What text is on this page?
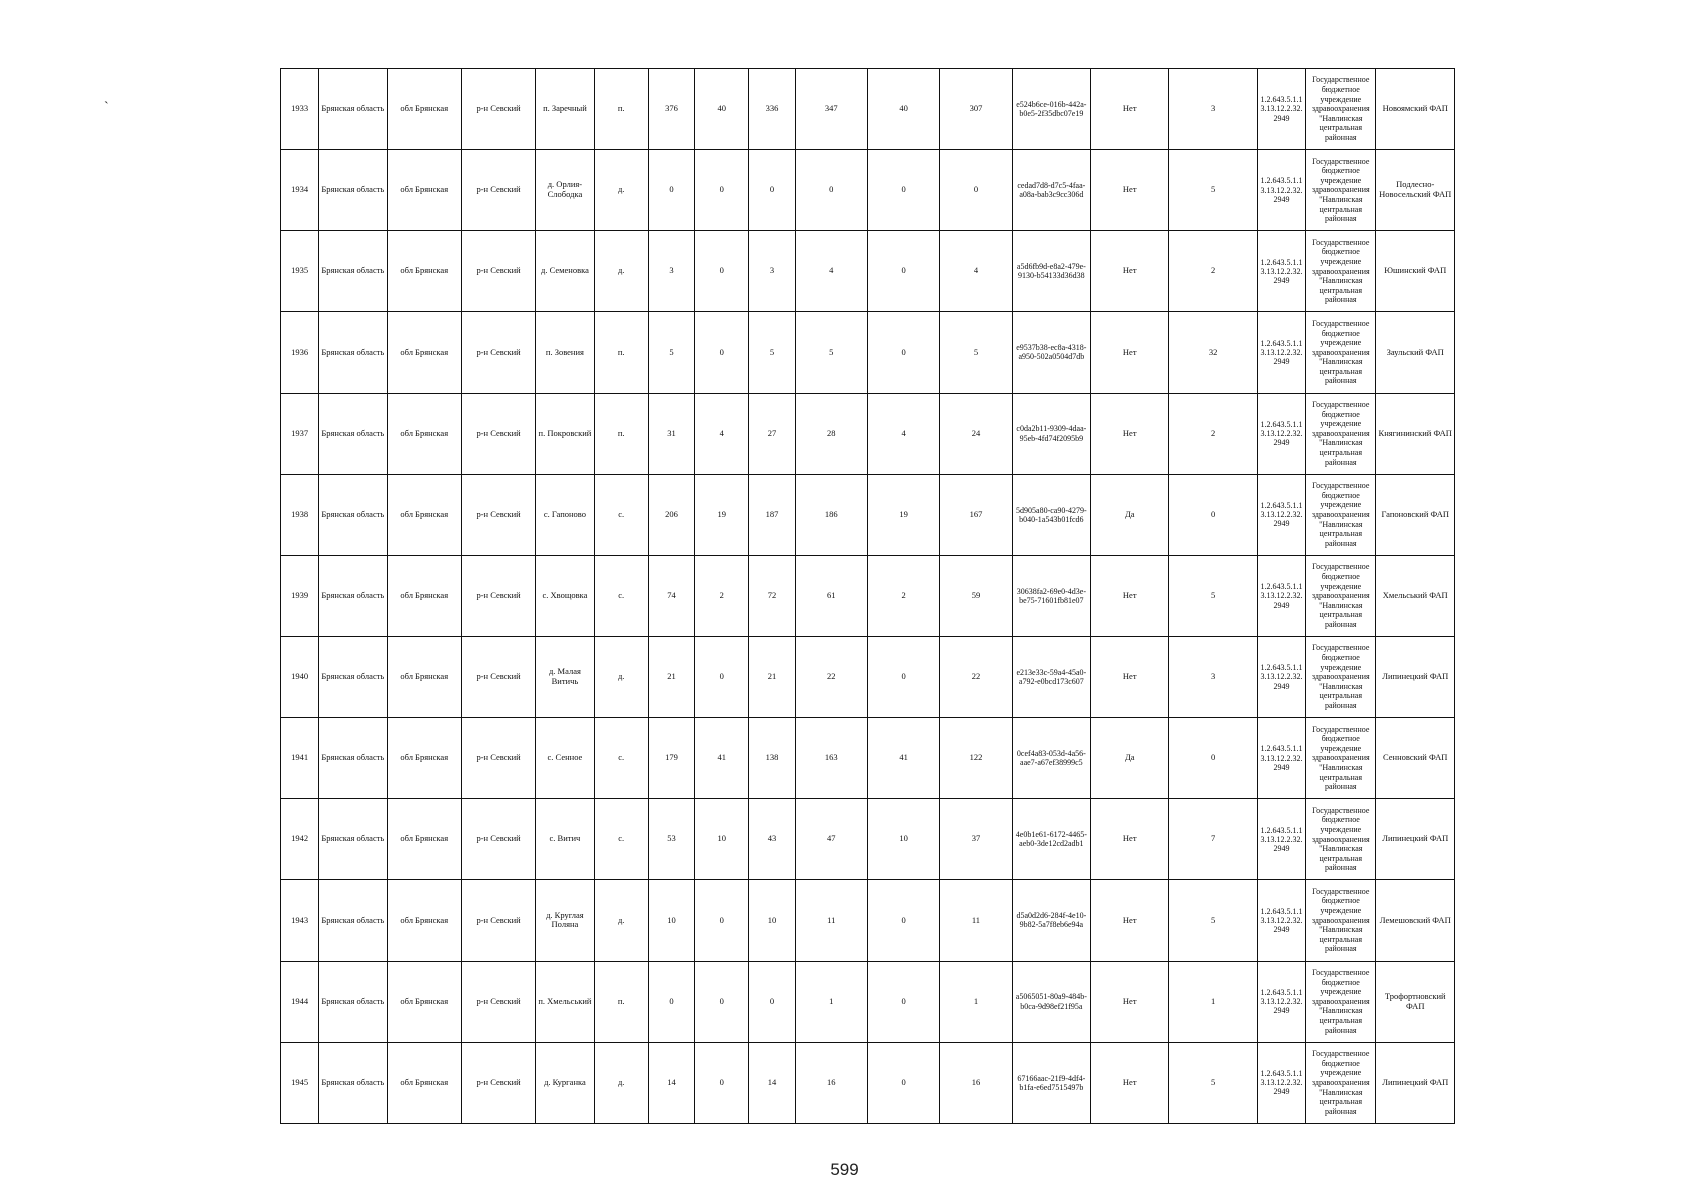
`	1933	Брянская область	обл Брянская	р-н Севский	п. Заречный	п.	376	40	336	347	40	307	e524b6ce-016b-442a-b0e5-2f35dbc07e19	Нет	3	1.2.643.5.1.13.13.12.2.32.2949	Государственное бюджетное учреждение здравоохранения "Навлинская центральная районная	Новоямский ФАП
1934	Брянская область	обл Брянская	р-н Севский	д. Орлия-Слободка	д.	0	0	0	0	0	0	cedad7d8-d7c5-4faa-a08a-bab3c9cc306d	Нет	5	1.2.643.5.1.13.13.12.2.32.2949	Государственное бюджетное учреждение здравоохранения "Навлинская центральная районная	Подлесно-Новосельский ФАП
1935	Брянская область	обл Брянская	р-н Севский	д. Семеновка	д.	3	0	3	4	0	4	a5d6fb9d-e8a2-479e-9130-b54133d36d38	Нет	2	1.2.643.5.1.13.13.12.2.32.2949	Государственное бюджетное учреждение здравоохранения "Навлинская центральная районная	Юшинский ФАП
1936	Брянская область	обл Брянская	р-н Севский	п. Зовения	п.	5	0	5	5	0	5	e9537b38-ec8a-4318-a950-502a0504d7db	Нет	32	1.2.643.5.1.13.13.12.2.32.2949	Государственное бюджетное учреждение здравоохранения "Навлинская центральная районная	Заульский ФАП
1937	Брянская область	обл Брянская	р-н Севский	п. Покровский	п.	31	4	27	28	4	24	c0da2b11-9309-4daa-95eb-4fd74f2095b9	Нет	2	1.2.643.5.1.13.13.12.2.32.2949	Государственное бюджетное учреждение здравоохранения "Навлинская центральная районная	Княгининский ФАП
1938	Брянская область	обл Брянская	р-н Севский	с. Гапоново	с.	206	19	187	186	19	167	5d905a80-ca90-4279-b040-1a543b01fcd6	Да	0	1.2.643.5.1.13.13.12.2.32.2949	Государственное бюджетное учреждение здравоохранения "Навлинская центральная районная	Гапоновский ФАП
1939	Брянская область	обл Брянская	р-н Севский	с. Хвощовка	с.	74	2	72	61	2	59	30638fa2-69e0-4d3e-be75-71601fb81e07	Нет	5	1.2.643.5.1.13.13.12.2.32.2949	Государственное бюджетное учреждение здравоохранения "Навлинская центральная районная	Хмельський ФАП
1940	Брянская область	обл Брянская	р-н Севский	д. Малая Витичь	д.	21	0	21	22	0	22	e213e33c-59a4-45a0-a792-e0bcd173c607	Нет	3	1.2.643.5.1.13.13.12.2.32.2949	Государственное бюджетное учреждение здравоохранения "Навлинская центральная районная	Липинецкий ФАП
1941	Брянская область	обл Брянская	р-н Севский	с. Сенное	с.	179	41	138	163	41	122	0cef4a83-053d-4a56-aae7-a67ef38999c5	Да	0	1.2.643.5.1.13.13.12.2.32.2949	Государственное бюджетное учреждение здравоохранения "Навлинская центральная районная	Сенновский ФАП
1942	Брянская область	обл Брянская	р-н Севский	с. Витич	с.	53	10	43	47	10	37	4e0b1e61-6172-4465-aeb0-3de12cd2adb1	Нет	7	1.2.643.5.1.13.13.12.2.32.2949	Государственное бюджетное учреждение здравоохранения "Навлинская центральная районная	Липинецкий ФАП
1943	Брянская область	обл Брянская	р-н Севский	д. Круглая Поляна	д.	10	0	10	11	0	11	d5a0d2d6-284f-4e10-9b82-5a7f8eb6e94a	Нет	5	1.2.643.5.1.13.13.12.2.32.2949	Государственное бюджетное учреждение здравоохранения "Навлинская центральная районная	Лемешовский ФАП
1944	Брянская область	обл Брянская	р-н Севский	п. Хмельський	п.	0	0	0	1	0	1	a5065051-80a9-484b-b0ca-9d98ef21f95a	Нет	1	1.2.643.5.1.13.13.12.2.32.2949	Государственное бюджетное учреждение здравоохранения "Навлинская центральная районная	Трофортновский ФАП
1945	Брянская область	обл Брянская	р-н Севский	д. Курганка	д.	14	0	14	16	0	16	67166aac-21f9-4df4-b1fa-e6ed7515497b	Нет	5	1.2.643.5.1.13.13.12.2.32.2949	Государственное бюджетное учреждение здравоохранения "Навлинская центральная районная	Липинецкий ФАП
599
